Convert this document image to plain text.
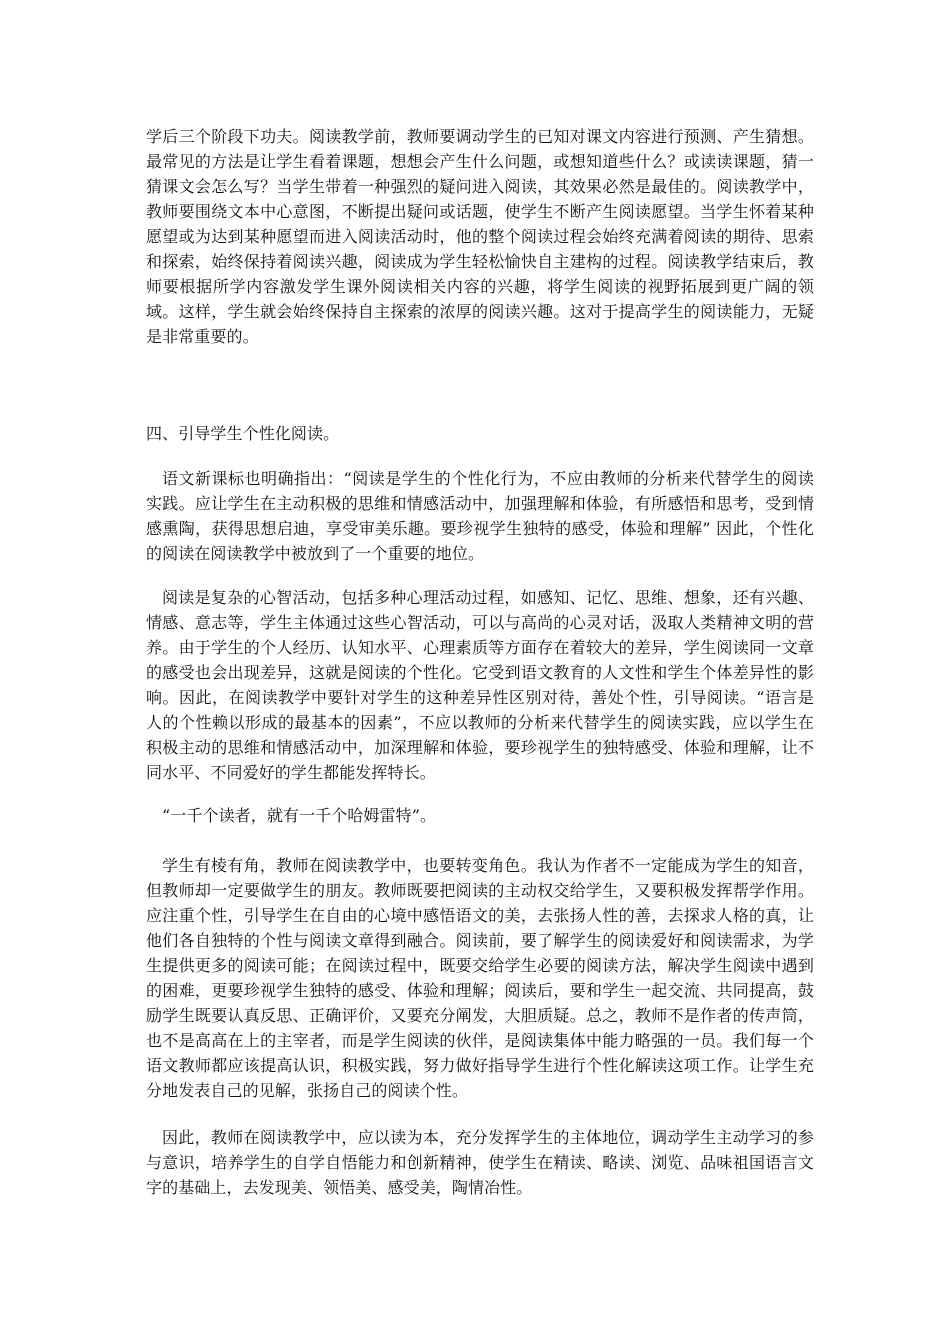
学后三个阶段下功夫。阅读教学前，教师要调动学生的已知对课文内容进行预测、产生猜想。最常见的方法是让学生看着课题，想想会产生什么问题，或想知道些什么？或读读课题，猜一猜课文会怎么写？当学生带着一种强烈的疑问进入阅读，其效果必然是最佳的。阅读教学中，教师要围绕文本中心意图，不断提出疑问或话题，使学生不断产生阅读愿望。当学生怀着某种愿望或为达到某种愿望而进入阅读活动时，他的整个阅读过程会始终充满着阅读的期待、思索和探索，始终保持着阅读兴趣，阅读成为学生轻松愉快自主建构的过程。阅读教学结束后，教师要根据所学内容激发学生课外阅读相关内容的兴趣，将学生阅读的视野拓展到更广阔的领域。这样，学生就会始终保持自主探索的浓厚的阅读兴趣。这对于提高学生的阅读能力，无疑是非常重要的。

四、引导学生个性化阅读。

语文新课标也明确指出：“阅读是学生的个性化行为，不应由教师的分析来代替学生的阅读实践。应让学生在主动积极的思维和情感活动中，加强理解和体验，有所感悟和思考，受到情感熏陶，获得思想启迪，享受审美乐趣。要珍视学生独特的感受，体验和理解” 因此，个性化的阅读在阅读教学中被放到了一个重要的地位。

阅读是复杂的心智活动，包括多种心理活动过程，如感知、记忆、思维、想象，还有兴趣、情感、意志等，学生主体通过这些心智活动，可以与高尚的心灵对话，汲取人类精神文明的营养。由于学生的个人经历、认知水平、心理素质等方面存在着较大的差异，学生阅读同一文章的感受也会出现差异，这就是阅读的个性化。它受到语文教育的人文性和学生个体差异性的影响。因此，在阅读教学中要针对学生的这种差异性区别对待，善处个性，引导阅读。“语言是人的个性赖以形成的最基本的因素”，不应以教师的分析来代替学生的阅读实践，应以学生在积极主动的思维和情感活动中，加深理解和体验，要珍视学生的独特感受、体验和理解，让不同水平、不同爱好的学生都能发挥特长。

“一千个读者，就有一千个哈姆雷特”。

学生有棱有角，教师在阅读教学中，也要转变角色。我认为作者不一定能成为学生的知音，但教师却一定要做学生的朋友。教师既要把阅读的主动权交给学生，又要积极发挥帮学作用。应注重个性，引导学生在自由的心境中感悟语文的美，去张扬人性的善，去探求人格的真，让他们各自独特的个性与阅读文章得到融合。阅读前，要了解学生的阅读爱好和阅读需求，为学生提供更多的阅读可能；在阅读过程中，既要交给学生必要的阅读方法，解决学生阅读中遇到的困难，更要珍视学生独特的感受、体验和理解；阅读后，要和学生一起交流、共同提高，鼓励学生既要认真反思、正确评价，又要充分阐发，大胆质疑。总之，教师不是作者的传声筒，也不是高高在上的主宰者，而是学生阅读的伙伴，是阅读集体中能力略强的一员。我们每一个语文教师都应该提高认识，积极实践，努力做好指导学生进行个性化解读这项工作。让学生充分地发表自己的见解，张扬自己的阅读个性。

因此，教师在阅读教学中，应以读为本，充分发挥学生的主体地位，调动学生主动学习的参与意识，培养学生的自学自悟能力和创新精神，使学生在精读、略读、浏览、品味祖国语言文字的基础上，去发现美、领悟美、感受美，陶情冶性。
